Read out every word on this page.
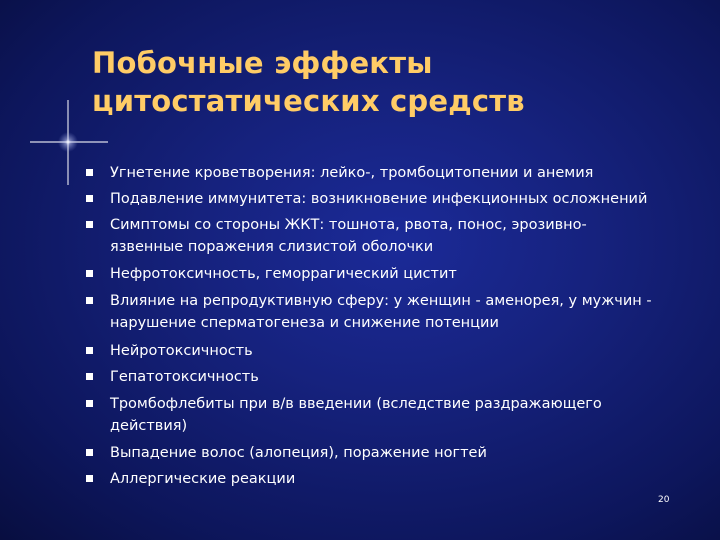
Побочные эффекты
цитостатических средств
Угнетение кроветворения: лейко-, тромбоцитопении и анемия
Подавление иммунитета: возникновение инфекционных осложнений
Симптомы со стороны ЖКТ: тошнота, рвота, понос, эрозивно-
язвенные поражения слизистой оболочки
Нефротоксичность, геморрагический цистит
Влияние на репродуктивную сферу: у женщин - аменорея, у мужчин -
нарушение сперматогенеза и снижение потенции
Нейротоксичность
Гепатотоксичность
Тромбофлебиты при в/в введении (вследствие раздражающего
действия)
Выпадение волос (алопеция), поражение ногтей
Аллергические реакции
20
